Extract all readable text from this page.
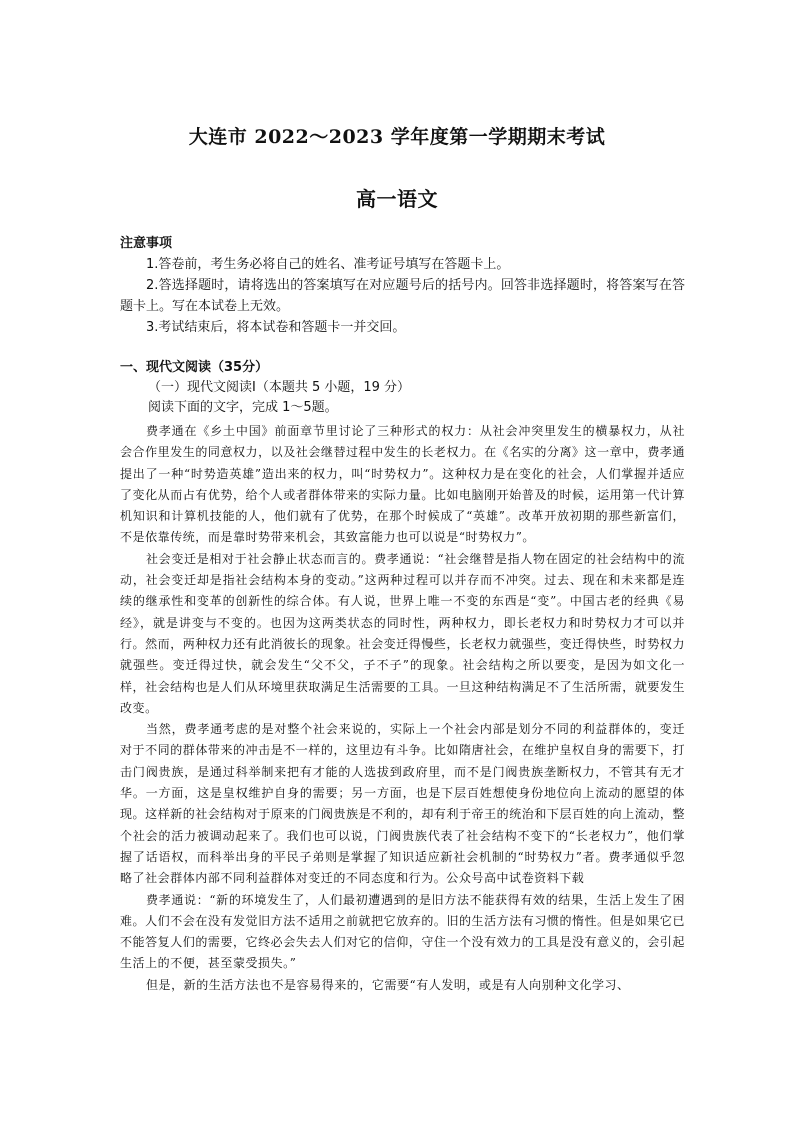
大连市 2022～2023 学年度第一学期期末考试
高一语文
注意事项

1.答卷前，考生务必将自己的姓名、准考证号填写在答题卡上。

2.答选择题时，请将选出的答案填写在对应题号后的括号内。回答非选择题时，将答案写在答题卡上。写在本试卷上无效。

3.考试结束后，将本试卷和答题卡一并交回。

一、现代文阅读（35分）
（一）现代文阅读Ⅰ（本题共 5 小题，19 分）
阅读下面的文字，完成 1～5题。

费孝通在《乡土中国》前面章节里讨论了三种形式的权力：从社会冲突里发生的横暴权力，从社会合作里发生的同意权力，以及社会继替过程中发生的长老权力。在《名实的分离》这一章中，费孝通提出了一种“时势造英雄”造出来的权力，叫“时势权力”。这种权力是在变化的社会，人们掌握并适应了变化从而占有优势，给个人或者群体带来的实际力量。比如电脑刚开始普及的时候，运用第一代计算机知识和计算机技能的人，他们就有了优势，在那个时候成了“英雄”。改革开放初期的那些新富们，不是依靠传统，而是靠时势带来机会，其致富能力也可以说是“时势权力”。

社会变迁是相对于社会静止状态而言的。费孝通说：“社会继替是指人物在固定的社会结构中的流动，社会变迁却是指社会结构本身的变动。”这两种过程可以并存而不冲突。过去、现在和未来都是连续的继承性和变革的创新性的综合体。有人说，世界上唯一不变的东西是“变”。中国古老的经典《易经》，就是讲变与不变的。也因为这两类状态的同时性，两种权力，即长老权力和时势权力才可以并行。然而，两种权力还有此消彼长的现象。社会变迁得慢些，长老权力就强些，变迁得快些，时势权力就强些。变迁得过快，就会发生“父不父，子不子”的现象。社会结构之所以要变，是因为如文化一样，社会结构也是人们从环境里获取满足生活需要的工具。一旦这种结构满足不了生活所需，就要发生改变。

当然，费孝通考虑的是对整个社会来说的，实际上一个社会内部是划分不同的利益群体的，变迁对于不同的群体带来的冲击是不一样的，这里边有斗争。比如隋唐社会，在维护皇权自身的需要下，打击门阀贵族，是通过科举制来把有才能的人选拔到政府里，而不是门阀贵族垄断权力，不管其有无才华。一方面，这是皇权维护自身的需要；另一方面，也是下层百姓想使身份地位向上流动的愿望的体现。这样新的社会结构对于原来的门阀贵族是不利的，却有利于帝王的统治和下层百姓的向上流动，整个社会的活力被调动起来了。我们也可以说，门阀贵族代表了社会结构不变下的“长老权力”，他们掌握了话语权，而科举出身的平民子弟则是掌握了知识适应新社会机制的“时势权力”者。费孝通似乎忽略了社会群体内部不同利益群体对变迁的不同态度和行为。公众号高中试卷资料下载

费孝通说：“新的环境发生了，人们最初遭遇到的是旧方法不能获得有效的结果，生活上发生了困难。人们不会在没有发觉旧方法不适用之前就把它放弃的。旧的生活方法有习惯的惰性。但是如果它已不能答复人们的需要，它终必会失去人们对它的信仰，守住一个没有效力的工具是没有意义的，会引起生活上的不便，甚至蒙受损失。”

但是，新的生活方法也不是容易得来的，它需要“有人发明，或是有人向别种文化学习、
